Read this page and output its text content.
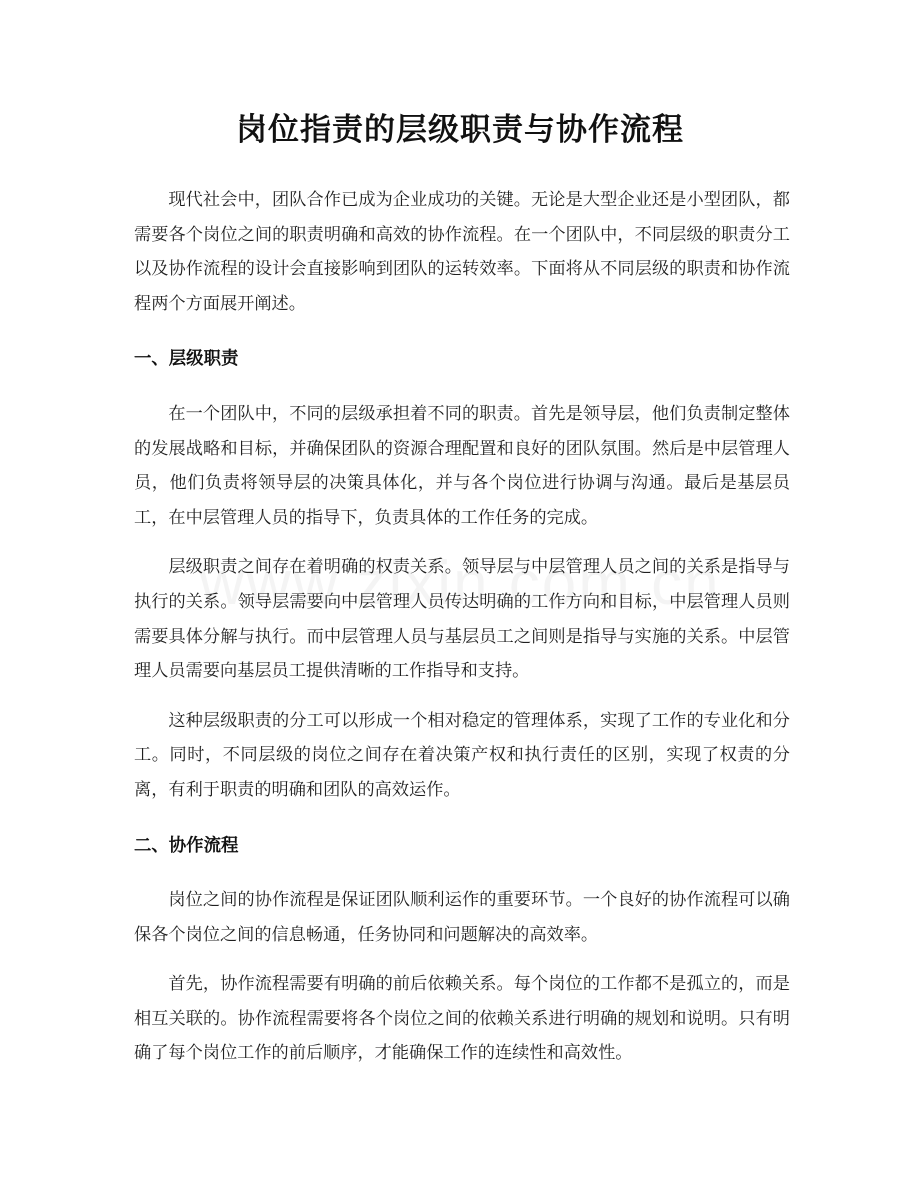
岗位指责的层级职责与协作流程

现代社会中，团队合作已成为企业成功的关键。无论是大型企业还是小型团队，都需要各个岗位之间的职责明确和高效的协作流程。在一个团队中，不同层级的职责分工以及协作流程的设计会直接影响到团队的运转效率。下面将从不同层级的职责和协作流程两个方面展开阐述。

一、层级职责

在一个团队中，不同的层级承担着不同的职责。首先是领导层，他们负责制定整体的发展战略和目标，并确保团队的资源合理配置和良好的团队氛围。然后是中层管理人员，他们负责将领导层的决策具体化，并与各个岗位进行协调与沟通。最后是基层员工，在中层管理人员的指导下，负责具体的工作任务的完成。

层级职责之间存在着明确的权责关系。领导层与中层管理人员之间的关系是指导与执行的关系。领导层需要向中层管理人员传达明确的工作方向和目标，中层管理人员则需要具体分解与执行。而中层管理人员与基层员工之间则是指导与实施的关系。中层管理人员需要向基层员工提供清晰的工作指导和支持。

这种层级职责的分工可以形成一个相对稳定的管理体系，实现了工作的专业化和分工。同时，不同层级的岗位之间存在着决策产权和执行责任的区别，实现了权责的分离，有利于职责的明确和团队的高效运作。

二、协作流程

岗位之间的协作流程是保证团队顺利运作的重要环节。一个良好的协作流程可以确保各个岗位之间的信息畅通，任务协同和问题解决的高效率。

首先，协作流程需要有明确的前后依赖关系。每个岗位的工作都不是孤立的，而是相互关联的。协作流程需要将各个岗位之间的依赖关系进行明确的规划和说明。只有明确了每个岗位工作的前后顺序，才能确保工作的连续性和高效性。
